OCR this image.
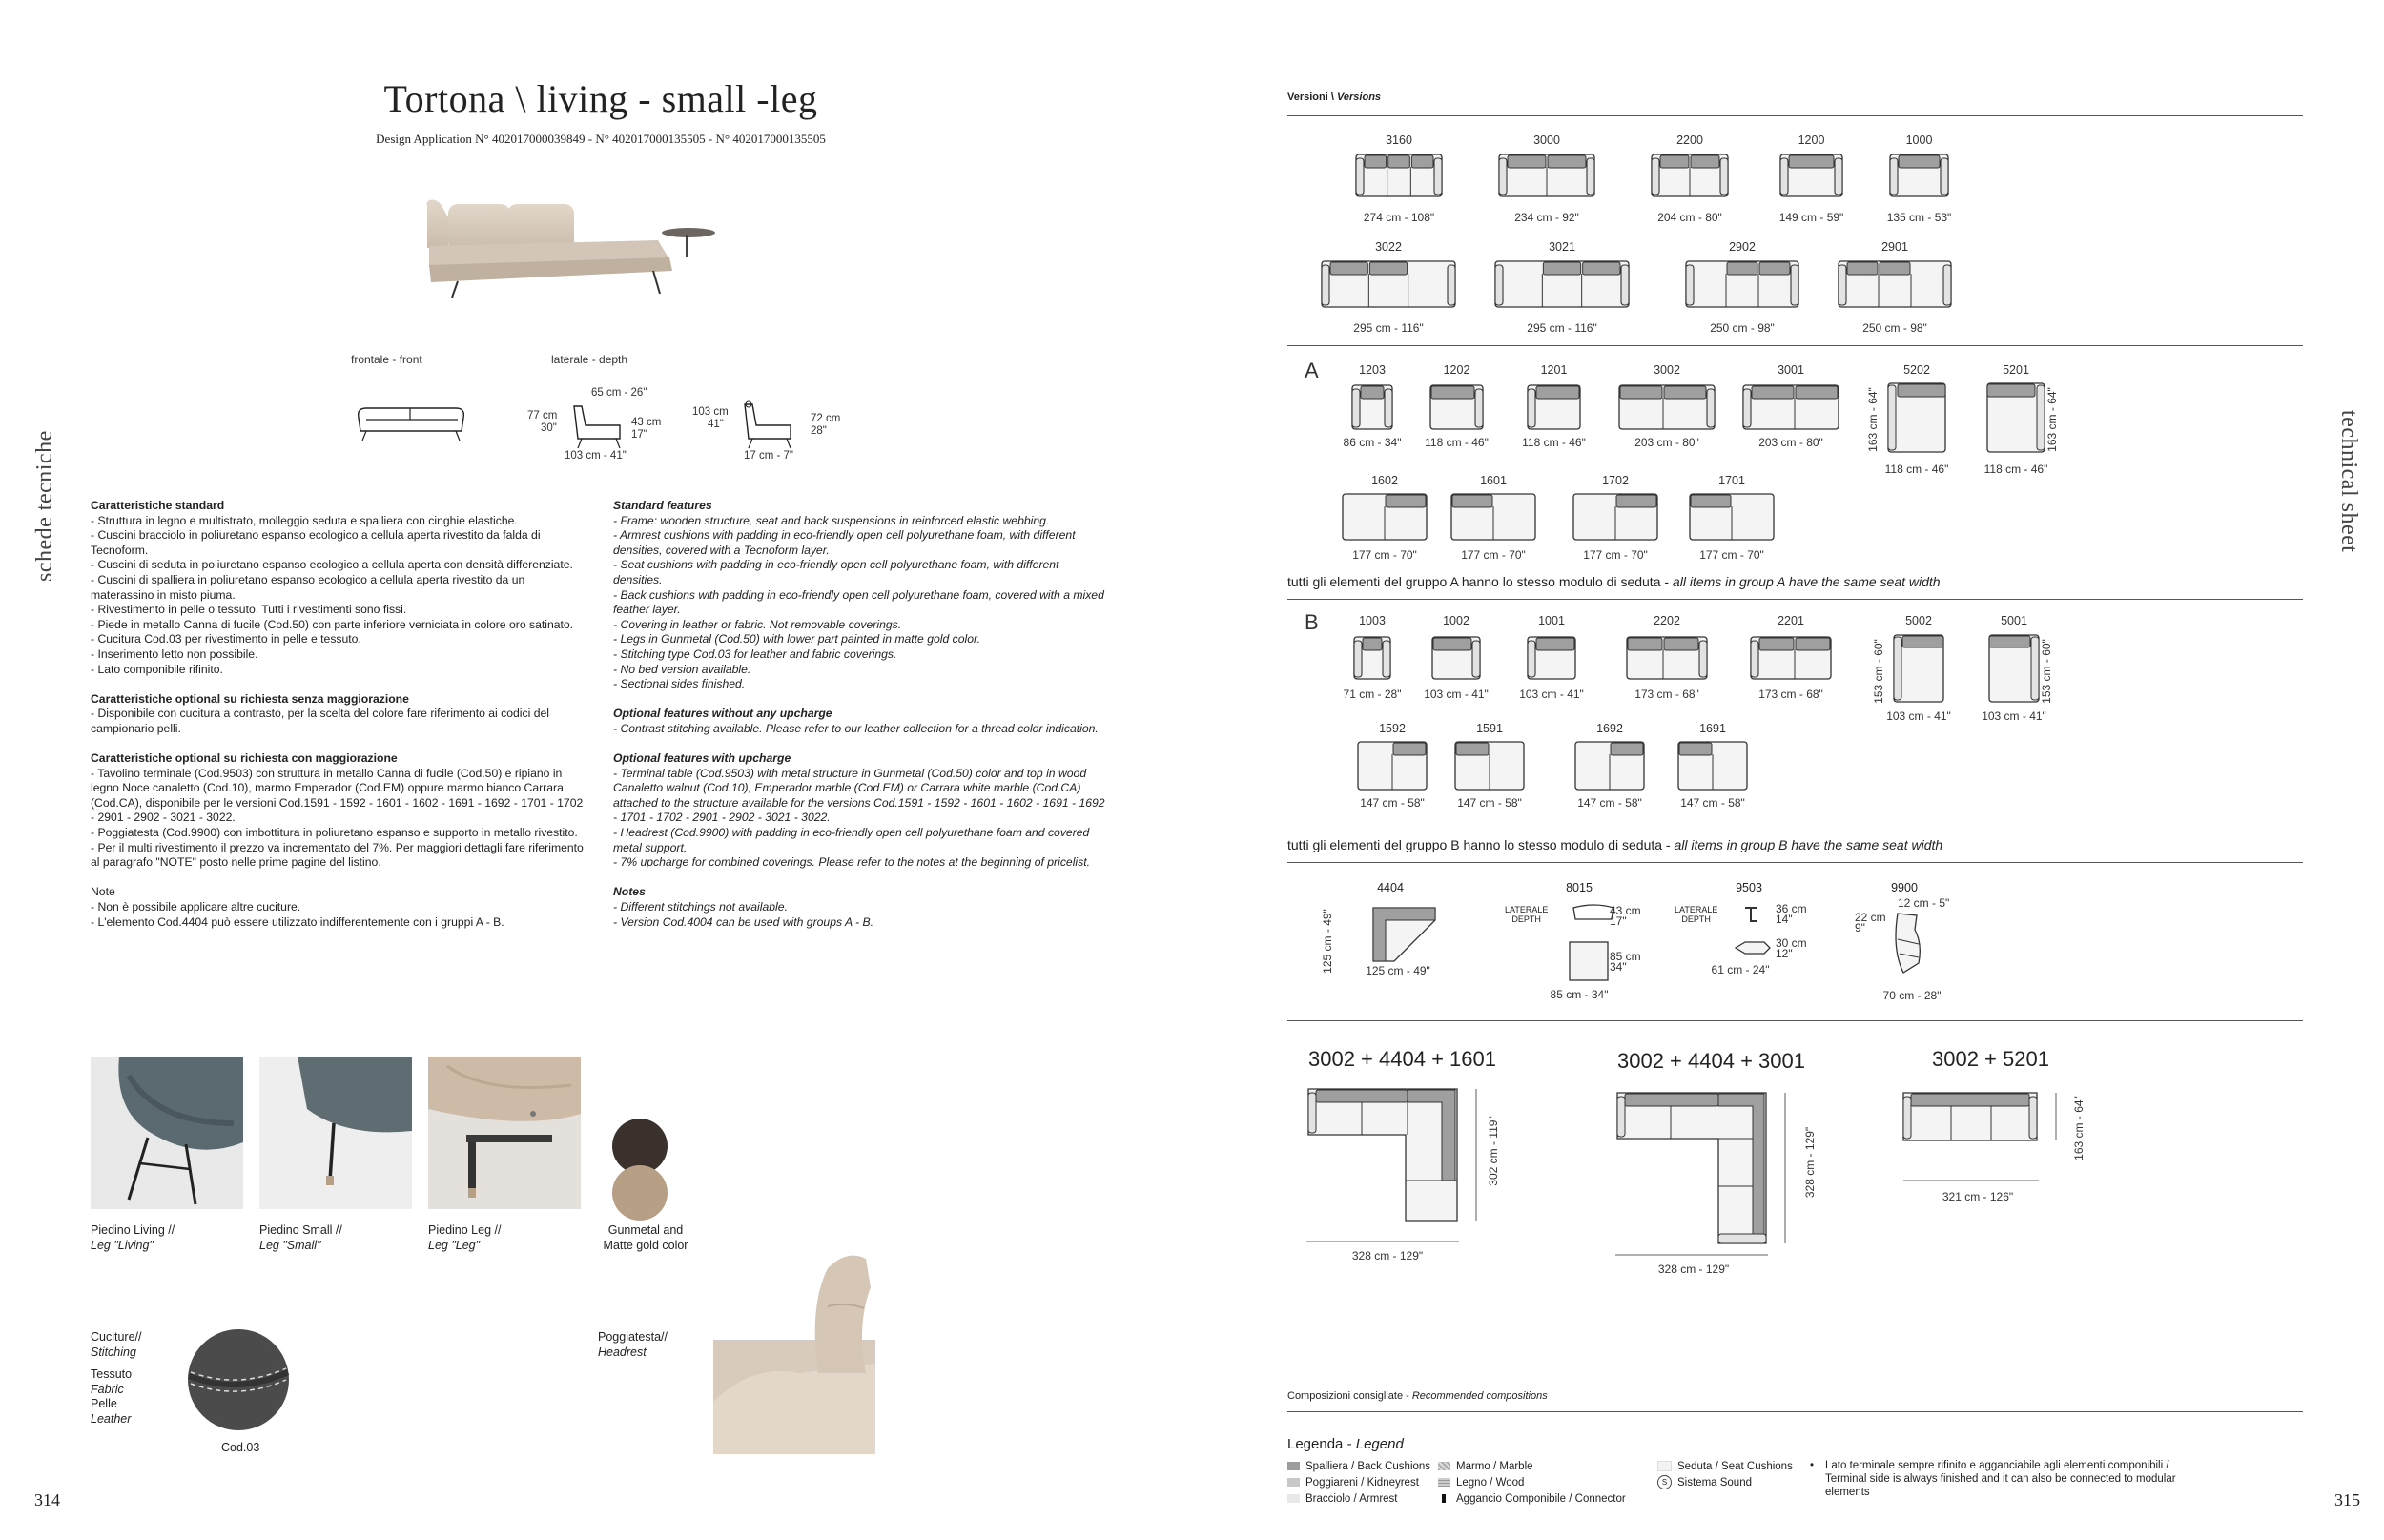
Tortona \ living - small -leg
Design Application N° 402017000039849 - N° 402017000135505 - N° 402017000135505
frontale - front	laterale - depth
65 cm - 26"
77 cm
30"	43 cm
17"
103 cm - 41"
103 cm
41"	72 cm
28"
17 cm - 7"
schede tecniche	technical sheet

Caratteristiche standard

- Struttura in legno e multistrato, molleggio seduta e spalliera con cinghie elastiche.

- Cuscini bracciolo in poliuretano espanso ecologico a cellula aperta rivestito da falda di Tecnoform.

- Cuscini di seduta in poliuretano espanso ecologico a cellula aperta con densità differenziate.

- Cuscini di spalliera in poliuretano espanso ecologico a cellula aperta rivestito da un materassino in misto piuma.

- Rivestimento in pelle o tessuto. Tutti i rivestimenti sono fissi.

- Piede in metallo Canna di fucile (Cod.50) con parte inferiore verniciata in colore oro satinato.

- Cucitura Cod.03 per rivestimento in pelle e tessuto.

- Inserimento letto non possibile.

- Lato componibile rifinito.

Caratteristiche optional su richiesta senza maggiorazione

- Disponibile con cucitura a contrasto, per la scelta del colore fare riferimento ai codici del campionario pelli.

Caratteristiche optional su richiesta con maggiorazione

- Tavolino terminale (Cod.9503) con struttura in metallo Canna di fucile (Cod.50) e ripiano in legno Noce canaletto (Cod.10), marmo Emperador (Cod.EM) oppure marmo bianco Carrara (Cod.CA), disponibile per le versioni Cod.1591 - 1592 - 1601 - 1602 - 1691 - 1692 - 1701 - 1702 - 2901 - 2902 - 3021 - 3022.

- Poggiatesta (Cod.9900) con imbottitura in poliuretano espanso e supporto in metallo rivestito.

- Per il multi rivestimento il prezzo va incrementato del 7%. Per maggiori dettagli fare riferimento al paragrafo "NOTE" posto nelle prime pagine del listino.

Note

- Non è possibile applicare altre cuciture.

- L'elemento Cod.4404 può essere utilizzato indifferentemente con i gruppi A - B.

Standard features

- Frame: wooden structure, seat and back suspensions in reinforced elastic webbing.

- Armrest cushions with padding in eco-friendly open cell polyurethane foam, with different densities, covered with a Tecnoform layer.

- Seat cushions with padding in eco-friendly open cell polyurethane foam, with different densities.

- Back cushions with padding in eco-friendly open cell polyurethane foam, covered with a mixed feather layer.

- Covering in leather or fabric. Not removable coverings.

- Legs in Gunmetal (Cod.50) with lower part painted in matte gold color.

- Stitching type Cod.03 for leather and fabric coverings.

- No bed version available.

- Sectional sides finished.

Optional features without any upcharge

- Contrast stitching available. Please refer to our leather collection for a thread color indication.

Optional features with upcharge

- Terminal table (Cod.9503) with metal structure in Gunmetal (Cod.50) color and top in wood Canaletto walnut (Cod.10), Emperador marble (Cod.EM) or Carrara white marble (Cod.CA) attached to the structure available for the versions Cod.1591 - 1592 - 1601 - 1602 - 1691 - 1692 - 1701 - 1702 - 2901 - 2902 - 3021 - 3022.

- Headrest (Cod.9900) with padding in eco-friendly open cell polyurethane foam and covered metal support.

- 7% upcharge for combined coverings. Please refer to the notes at the beginning of pricelist.

Notes

- Different stitchings not available.

- Version Cod.4004 can be used with groups A - B.

Piedino Living //
Leg "Living"
Piedino Small //
Leg "Small"
Piedino Leg //
Leg "Leg"
Gunmetal and
Matte gold color
Cuciture//
Stitching
Tessuto
Fabric
Pelle
Leather
Cod.03
Poggiatesta//
Headrest
314
Versioni \ Versions
3160
274 cm - 108"
3000
234 cm - 92"
2200
204 cm - 80"
1200
149 cm - 59"
1000
135 cm - 53"
3022
295 cm - 116"
3021
295 cm - 116"
2902
250 cm - 98"
2901
250 cm - 98"
1203
86 cm - 34"
1202
118 cm - 46"
1201
118 cm - 46"
3002
203 cm - 80"
3001
203 cm - 80"
5202
118 cm - 46"
163 cm - 64"
5201
118 cm - 46"
163 cm - 64"
1602
177 cm - 70"
1601
177 cm - 70"
1702
177 cm - 70"
1701
177 cm - 70"
1003
71 cm - 28"
1002
103 cm - 41"
1001
103 cm - 41"
2202
173 cm - 68"
2201
173 cm - 68"
5002
103 cm - 41"
153 cm - 60"
5001
103 cm - 41"
153 cm - 60"
1592
147 cm - 58"
1591
147 cm - 58"
1692
147 cm - 58"
1691
147 cm - 58"
A
tutti gli elementi del gruppo A hanno lo stesso modulo di seduta - all items in group A have the same seat width
B
tutti gli elementi del gruppo B hanno lo stesso modulo di seduta - all items in group B have the same seat width
4404
125 cm - 49"
125 cm - 49"
8015
LATERALE
DEPTH
43 cm
17"
85 cm
34"
85 cm - 34"
9503
LATERALE
DEPTH
36 cm
14"
30 cm
12"
61 cm - 24"
9900
12 cm - 5"
22 cm
9"
70 cm - 28"
3002 + 4404 + 1601
302 cm - 119"
328 cm - 129"
3002 + 4404 + 3001
328 cm - 129"
328 cm - 129"
3002 + 5201
163 cm - 64"
321 cm - 126"
Composizioni consigliate - Recommended compositions
Legenda - Legend
Spalliera / Back Cushions
Poggiareni / Kidneyrest
Bracciolo / Armrest
Marmo / Marble
Legno / Wood
Aggancio Componibile / Connector
Seduta / Seat Cushions
S Sistema Sound
• Lato terminale sempre rifinito e agganciabile agli elementi componibili /
Terminal side is always finished and it can also be connected to modular
elements	315
